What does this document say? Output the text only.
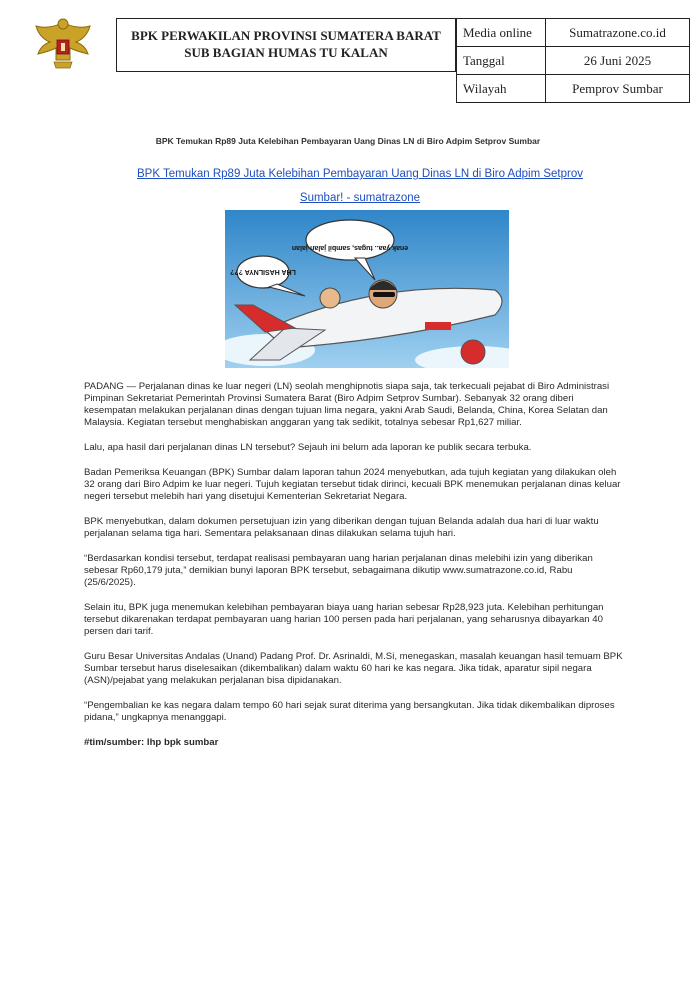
BPK PERWAKILAN PROVINSI SUMATERA BARAT
SUB BAGIAN HUMAS TU KALAN
Media online	Sumatrazone.co.id
Tanggal	26 Juni 2025
Wilayah	Pemprov Sumbar
BPK Temukan Rp89 Juta Kelebihan Pembayaran Uang Dinas LN di Biro Adpim Setprov Sumbar
BPK Temukan Rp89 Juta Kelebihan Pembayaran Uang Dinas LN di Biro Adpim Setprov Sumbar! - sumatrazone
enak yaa.. tugas, sambil jalan-jalan
LHA HASILNYA ???

PADANG — Perjalanan dinas ke luar negeri (LN) seolah menghipnotis siapa saja, tak terkecuali pejabat di Biro Administrasi Pimpinan Sekretariat Pemerintah Provinsi Sumatera Barat (Biro Adpim Setprov Sumbar). Sebanyak 32 orang diberi kesempatan melakukan perjalanan dinas dengan tujuan lima negara, yakni Arab Saudi, Belanda, China, Korea Selatan dan Malaysia. Kegiatan tersebut menghabiskan anggaran yang tak sedikit, totalnya sebesar Rp1,627 miliar.

Lalu, apa hasil dari perjalanan dinas LN tersebut? Sejauh ini belum ada laporan ke publik secara terbuka.

Badan Pemeriksa Keuangan (BPK) Sumbar dalam laporan tahun 2024 menyebutkan, ada tujuh kegiatan yang dilakukan oleh 32 orang dari Biro Adpim ke luar negeri. Tujuh kegiatan tersebut tidak dirinci, kecuali BPK menemukan perjalanan dinas keluar negeri tersebut melebih hari yang disetujui Kementerian Sekretariat Negara.

BPK menyebutkan, dalam dokumen persetujuan izin yang diberikan dengan tujuan Belanda adalah dua hari di luar waktu perjalanan selama tiga hari. Sementara pelaksanaan dinas dilakukan selama tujuh hari.

“Berdasarkan kondisi tersebut, terdapat realisasi pembayaran uang harian perjalanan dinas melebihi izin yang diberikan sebesar Rp60,179 juta,” demikian bunyi laporan BPK tersebut, sebagaimana dikutip www.sumatrazone.co.id, Rabu (25/6/2025).

Selain itu, BPK juga menemukan kelebihan pembayaran biaya uang harian sebesar Rp28,923 juta. Kelebihan perhitungan tersebut dikarenakan terdapat pembayaran uang harian 100 persen pada hari perjalanan, yang seharusnya dibayarkan 40 persen dari tarif.

Guru Besar Universitas Andalas (Unand) Padang Prof. Dr. Asrinaldi, M.Si, menegaskan, masalah keuangan hasil temuam BPK Sumbar tersebut harus diselesaikan (dikembalikan) dalam waktu 60 hari ke kas negara. Jika tidak, aparatur sipil negara (ASN)/pejabat yang melakukan perjalanan bisa dipidanakan.

“Pengembalian ke kas negara dalam tempo 60 hari sejak surat diterima yang bersangkutan. Jika tidak dikembalikan diproses pidana,” ungkapnya menanggapi.

#tim/sumber: lhp bpk sumbar
